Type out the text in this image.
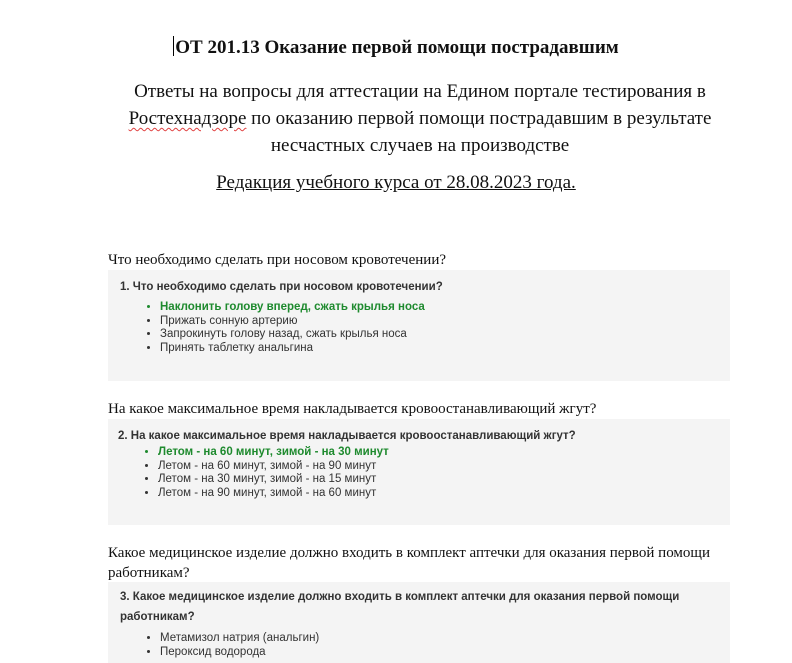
ОТ 201.13 Оказание первой помощи пострадавшим
Ответы на вопросы для аттестации на Едином портале тестирования в Ростехнадзоре по оказанию первой помощи пострадавшим в результате несчастных случаев на производстве
Редакция учебного курса от 28.08.2023 года.
Что необходимо сделать при носовом кровотечении?
1. Что необходимо сделать при носовом кровотечении?
• Наклонить голову вперед, сжать крылья носа
• Прижать сонную артерию
• Запрокинуть голову назад, сжать крылья носа
• Принять таблетку анальгина
На какое максимальное время накладывается кровоостанавливающий жгут?
2. На какое максимальное время накладывается кровоостанавливающий жгут?
• Летом - на 60 минут, зимой - на 30 минут
• Летом - на 60 минут, зимой - на 90 минут
• Летом - на 30 минут, зимой - на 15 минут
• Летом - на 90 минут, зимой - на 60 минут
Какое медицинское изделие должно входить в комплект аптечки для оказания первой помощи работникам?
3. Какое медицинское изделие должно входить в комплект аптечки для оказания первой помощи работникам?
• Метамизол натрия (анальгин)
• Пероксид водорода
